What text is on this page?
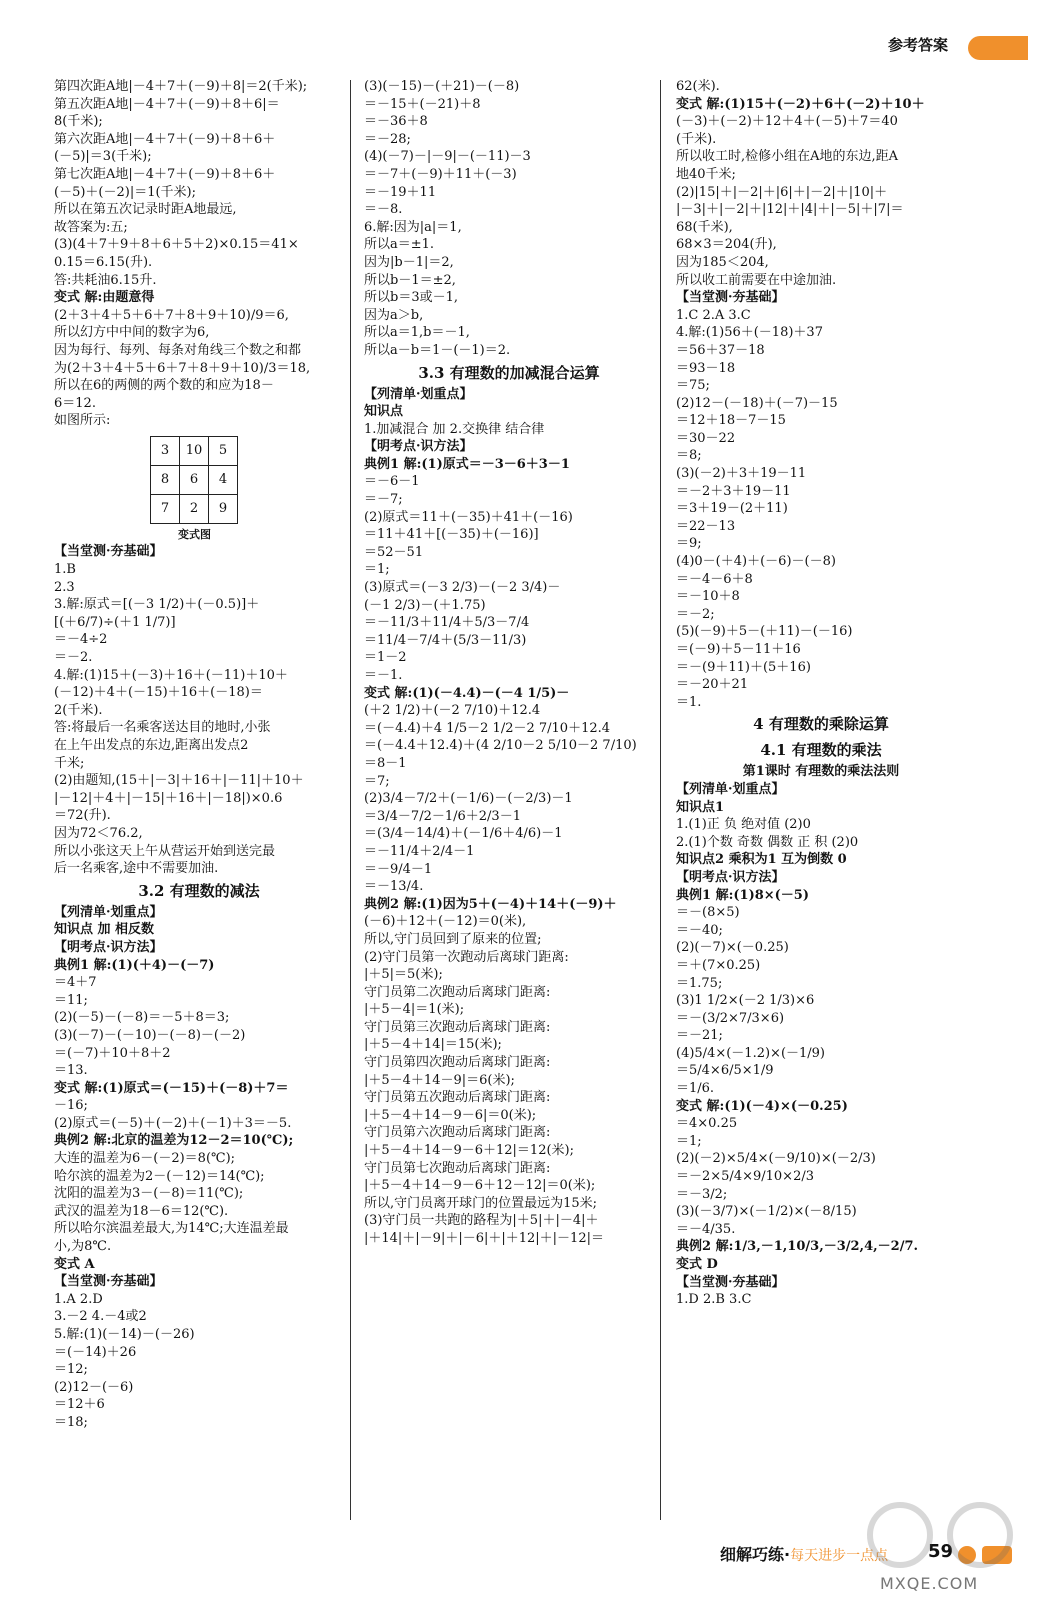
参考答案
第四次距A地|－4＋7＋(－9)＋8|＝2(千米);
第五次距A地|－4＋7＋(－9)＋8＋6|＝
8(千米);
第六次距A地|－4＋7＋(－9)＋8＋6＋
(－5)|＝3(千米);
第七次距A地|－4＋7＋(－9)＋8＋6＋
(－5)＋(－2)|＝1(千米);
所以在第五次记录时距A地最远,
故答案为:五;
(3)(4＋7＋9＋8＋6＋5＋2)×0.15＝41×
0.15＝6.15(升).
答:共耗油6.15升.
变式 解:由题意得
(2＋3＋4＋5＋6＋7＋8＋9＋10)/9＝6,
所以幻方中中间的数字为6,
因为每行、每列、每条对角线三个数之和都
为(2＋3＋4＋5＋6＋7＋8＋9＋10)/3＝18,
所以在6的两侧的两个数的和应为18－
6＝12.
如图所示:
3	10	5
8	6	4
7	2	9
变式图
【当堂测·夯基础】
1.B
2.3
3.解:原式＝[(－3 1/2)＋(－0.5)]＋
[(＋6/7)÷(＋1 1/7)]
＝－4÷2
＝－2.
4.解:(1)15＋(－3)＋16＋(－11)＋10＋
(－12)＋4＋(－15)＋16＋(－18)＝
2(千米).
答:将最后一名乘客送达目的地时,小张
在上午出发点的东边,距离出发点2
千米;
(2)由题知,(15＋|－3|＋16＋|－11|＋10＋
|－12|＋4＋|－15|＋16＋|－18|)×0.6
＝72(升).
因为72＜76.2,
所以小张这天上午从营运开始到送完最
后一名乘客,途中不需要加油.
3.2 有理数的减法
【列清单·划重点】
知识点 加 相反数
【明考点·识方法】
典例1 解:(1)(＋4)－(－7)
＝4＋7
＝11;
(2)(－5)－(－8)＝－5＋8＝3;
(3)(－7)－(－10)－(－8)－(－2)
＝(－7)＋10＋8＋2
＝13.
变式 解:(1)原式＝(－15)＋(－8)＋7＝
－16;
(2)原式＝(－5)＋(－2)＋(－1)＋3＝－5.
典例2 解:北京的温差为12－2＝10(℃);
大连的温差为6－(－2)＝8(℃);
哈尔滨的温差为2－(－12)＝14(℃);
沈阳的温差为3－(－8)＝11(℃);
武汉的温差为18－6＝12(℃).
所以哈尔滨温差最大,为14℃;大连温差最
小,为8℃.
变式 A
【当堂测·夯基础】
1.A 2.D
3.－2 4.－4或2
5.解:(1)(－14)－(－26)
＝(－14)＋26
＝12;
(2)12－(－6)
＝12＋6
＝18;
(3)(－15)－(＋21)－(－8)
＝－15＋(－21)＋8
＝－36＋8
＝－28;
(4)(－7)－|－9|－(－11)－3
＝－7＋(－9)＋11＋(－3)
＝－19＋11
＝－8.
6.解:因为|a|＝1,
所以a＝±1.
因为|b－1|＝2,
所以b－1＝±2,
所以b＝3或－1,
因为a＞b,
所以a＝1,b＝－1,
所以a－b＝1－(－1)＝2.
3.3 有理数的加减混合运算
【列清单·划重点】
知识点
1.加减混合 加 2.交换律 结合律
【明考点·识方法】
典例1 解:(1)原式＝－3－6＋3－1
＝－6－1
＝－7;
(2)原式＝11＋(－35)＋41＋(－16)
＝11＋41＋[(－35)＋(－16)]
＝52－51
＝1;
(3)原式＝(－3 2/3)－(－2 3/4)－
(－1 2/3)－(＋1.75)
＝－11/3＋11/4＋5/3－7/4
＝11/4－7/4＋(5/3－11/3)
＝1－2
＝－1.
变式 解:(1)(－4.4)－(－4 1/5)－
(＋2 1/2)＋(－2 7/10)＋12.4
＝(－4.4)＋4 1/5－2 1/2－2 7/10＋12.4
＝(－4.4＋12.4)＋(4 2/10－2 5/10－2 7/10)
＝8－1
＝7;
(2)3/4－7/2＋(－1/6)－(－2/3)－1
＝3/4－7/2－1/6＋2/3－1
＝(3/4－14/4)＋(－1/6＋4/6)－1
＝－11/4＋2/4－1
＝－9/4－1
＝－13/4.
典例2 解:(1)因为5＋(－4)＋14＋(－9)＋
(－6)＋12＋(－12)＝0(米),
所以,守门员回到了原来的位置;
(2)守门员第一次跑动后离球门距离:
|＋5|＝5(米);
守门员第二次跑动后离球门距离:
|＋5－4|＝1(米);
守门员第三次跑动后离球门距离:
|＋5－4＋14|＝15(米);
守门员第四次跑动后离球门距离:
|＋5－4＋14－9|＝6(米);
守门员第五次跑动后离球门距离:
|＋5－4＋14－9－6|＝0(米);
守门员第六次跑动后离球门距离:
|＋5－4＋14－9－6＋12|＝12(米);
守门员第七次跑动后离球门距离:
|＋5－4＋14－9－6＋12－12|＝0(米);
所以,守门员离开球门的位置最远为15米;
(3)守门员一共跑的路程为|＋5|＋|－4|＋
|＋14|＋|－9|＋|－6|＋|＋12|＋|－12|＝
62(米).
变式 解:(1)15＋(－2)＋6＋(－2)＋10＋
(－3)＋(－2)＋12＋4＋(－5)＋7＝40
(千米).
所以收工时,检修小组在A地的东边,距A
地40千米;
(2)|15|＋|－2|＋|6|＋|－2|＋|10|＋
|－3|＋|－2|＋|12|＋|4|＋|－5|＋|7|＝
68(千米),
68×3＝204(升),
因为185＜204,
所以收工前需要在中途加油.
【当堂测·夯基础】
1.C 2.A 3.C
4.解:(1)56＋(－18)＋37
＝56＋37－18
＝93－18
＝75;
(2)12－(－18)＋(－7)－15
＝12＋18－7－15
＝30－22
＝8;
(3)(－2)＋3＋19－11
＝－2＋3＋19－11
＝3＋19－(2＋11)
＝22－13
＝9;
(4)0－(＋4)＋(－6)－(－8)
＝－4－6＋8
＝－10＋8
＝－2;
(5)(－9)＋5－(＋11)－(－16)
＝(－9)＋5－11＋16
＝－(9＋11)＋(5＋16)
＝－20＋21
＝1.
4 有理数的乘除运算
4.1 有理数的乘法
第1课时 有理数的乘法法则
【列清单·划重点】
知识点1
1.(1)正 负 绝对值 (2)0
2.(1)个数 奇数 偶数 正 积 (2)0
知识点2 乘积为1 互为倒数 0
【明考点·识方法】
典例1 解:(1)8×(－5)
＝－(8×5)
＝－40;
(2)(－7)×(－0.25)
＝＋(7×0.25)
＝1.75;
(3)1 1/2×(－2 1/3)×6
＝－(3/2×7/3×6)
＝－21;
(4)5/4×(－1.2)×(－1/9)
＝5/4×6/5×1/9
＝1/6.
变式 解:(1)(－4)×(－0.25)
＝4×0.25
＝1;
(2)(－2)×5/4×(－9/10)×(－2/3)
＝－2×5/4×9/10×2/3
＝－3/2;
(3)(－3/7)×(－1/2)×(－8/15)
＝－4/35.
典例2 解:1/3,－1,10/3,－3/2,4,－2/7.
变式 D
【当堂测·夯基础】
1.D 2.B 3.C
细解巧练·每天进步一点点 59
MXQE.COM
